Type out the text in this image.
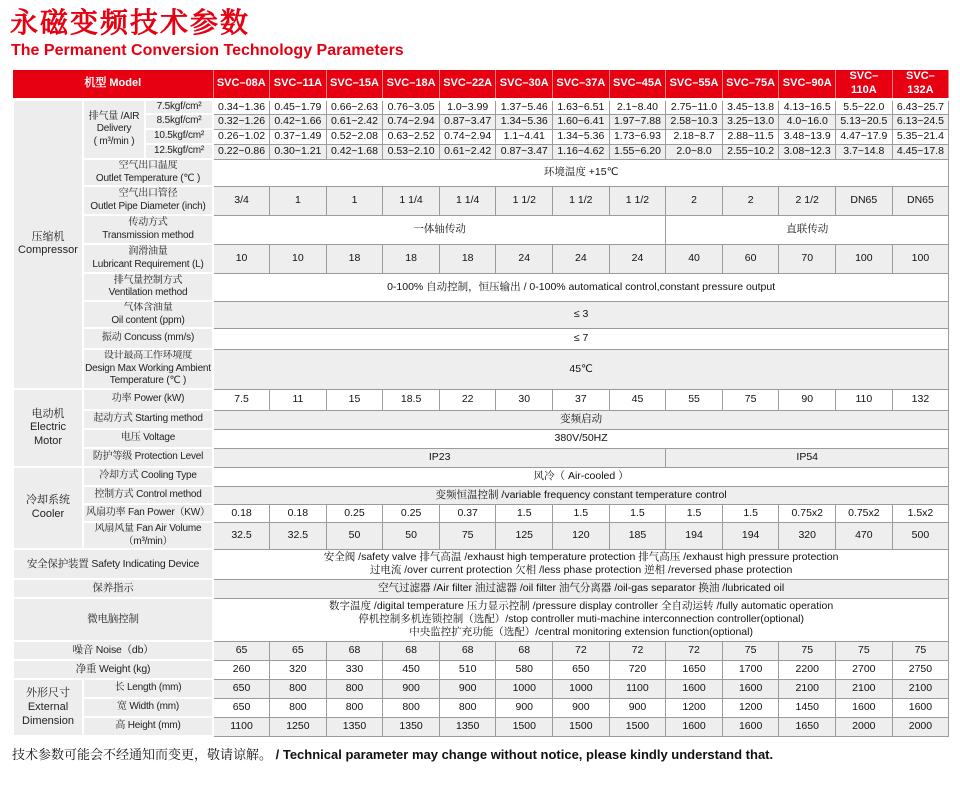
永磁变频技术参数
The Permanent Conversion Technology Parameters
机型 Model			SVC–08A	SVC–11A	SVC–15A	SVC–18A	SVC–22A	SVC–30A	SVC–37A	SVC–45A	SVC–55A	SVC–75A	SVC–90A	SVC–110A	SVC–132A
压缩机
Compressor	排气量 /AIR
Delivery
( m³/min )	7.5kgf/cm²	0.34~1.36	0.45~1.79	0.66~2.63	0.76~3.05	1.0~3.99	1.37~5.46	1.63~6.51	2.1~8.40	2.75~11.0	3.45~13.8	4.13~16.5	5.5~22.0	6.43~25.7
		8.5kgf/cm²	0.32~1.26	0.42~1.66	0.61~2.42	0.74~2.94	0.87~3.47	1.34~5.36	1.60~6.41	1.97~7.88	2.58~10.3	3.25~13.0	4.0~16.0	5.13~20.5	6.13~24.5
		10.5kgf/cm²	0.26~1.02	0.37~1.49	0.52~2.08	0.63~2.52	0.74~2.94	1.1~4.41	1.34~5.36	1.73~6.93	2.18~8.7	2.88~11.5	3.48~13.9	4.47~17.9	5.35~21.4
		12.5kgf/cm²	0.22~0.86	0.30~1.21	0.42~1.68	0.53~2.10	0.61~2.42	0.87~3.47	1.16~4.62	1.55~6.20	2.0~8.0	2.55~10.2	3.08~12.3	3.7~14.8	4.45~17.8
	空气出口温度
Outlet Temperature (℃ )		环境温度 +15℃												
	空气出口管径
Outlet Pipe Diameter (inch)		3/4	1	1	1 1/4	1 1/4	1 1/2	1 1/2	1 1/2	2	2	2 1/2	DN65	DN65
	传动方式
Transmission method		一体轴传动								直联传动				
	润滑油量
Lubricant Requirement (L)		10	10	18	18	18	24	24	24	40	60	70	100	100
	排气量控制方式
Ventilation method		0-100% 自动控制，恒压输出 / 0-100% automatical control,constant pressure output												
	气体含油量
Oil content (ppm)		≤ 3												
	振动 Concuss (mm/s)		≤ 7												
	设计最高工作环境度
Design Max Working Ambient
Temperature (℃ )		45℃												
电动机
Electric Motor	功率 Power (kW)		7.5	11	15	18.5	22	30	37	45	55	75	90	110	132
	起动方式 Starting method		变频启动												
	电压 Voltage		380V/50HZ												
	防护等级 Protection Level		IP23								IP54				
冷却系统
Cooler	冷却方式 Cooling Type		风冷（ Air-cooled ）												
	控制方式 Control method		变频恒温控制 /variable frequency constant temperature control												
	风扇功率 Fan Power（KW）		0.18	0.18	0.25	0.25	0.37	1.5	1.5	1.5	1.5	1.5	0.75x2	0.75x2	1.5x2
	风扇风量 Fan Air Volume（m³/min）		32.5	32.5	50	50	75	125	120	185	194	194	320	470	500
安全保护装置 Safety Indicating Device			安全阀 /safety valve 排气高温 /exhaust high temperature protection 排气高压 /exhaust high pressure protection
过电流 /over current protection 欠相 /less phase protection 逆相 /reversed phase protection												
保养指示			空气过滤器 /Air filter 油过滤器 /oil filter 油气分离器 /oil-gas separator 换油 /lubricated oil												
微电脑控制			数字温度 /digital temperature 压力显示控制 /pressure display controller 全自动运转 /fully automatic operation
停机控制多机连锁控制（选配）/stop controller muti-machine interconnection controller(optional)
中央监控扩充功能（选配）/central monitoring extension function(optional)												
噪音 Noise（db）			65	65	68	68	68	68	72	72	72	75	75	75	75
净重 Weight (kg)			260	320	330	450	510	580	650	720	1650	1700	2200	2700	2750
外形尺寸
External
Dimension	长 Length (mm)		650	800	800	900	900	1000	1000	1100	1600	1600	2100	2100	2100
	宽 Width (mm)		650	800	800	800	800	900	900	900	1200	1200	1450	1600	1600
	高 Height (mm)		1100	1250	1350	1350	1350	1500	1500	1500	1600	1600	1650	2000	2000
技术参数可能会不经通知而变更，敬请谅解。 / Technical parameter may change without notice, please kindly understand that.
